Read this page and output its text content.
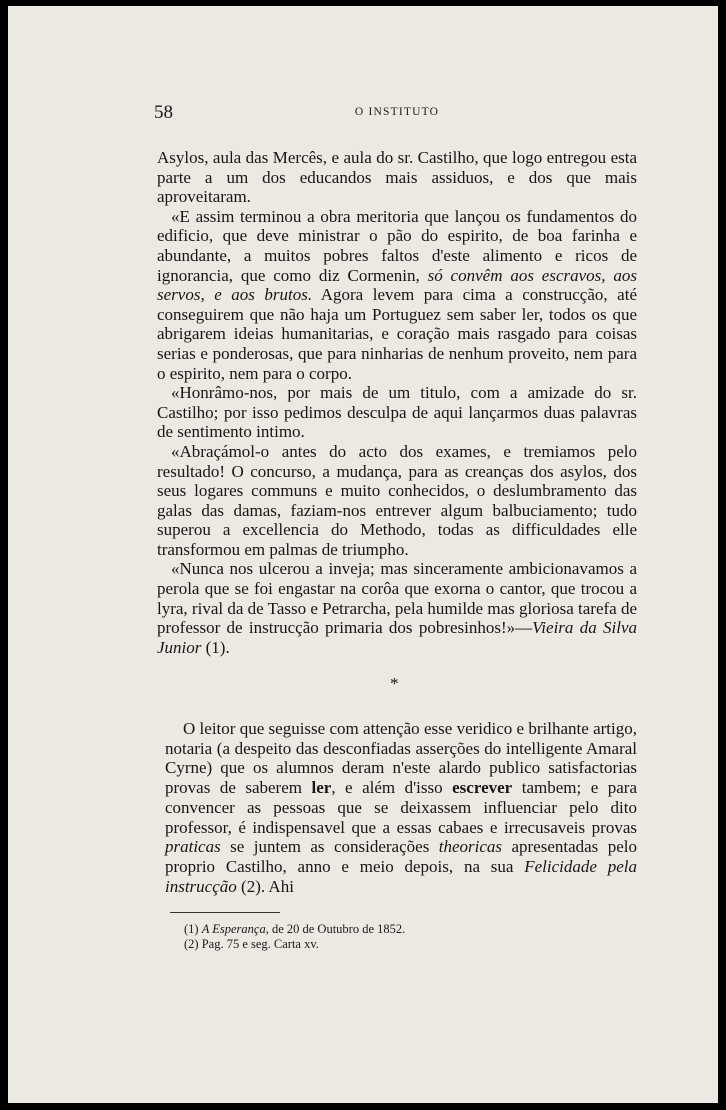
58	O INSTITUTO

Asylos, aula das Mercês, e aula do sr. Castilho, que logo entregou esta parte a um dos educandos mais assiduos, e dos que mais aproveitaram.

«E assim terminou a obra meritoria que lançou os fundamentos do edificio, que deve ministrar o pão do espirito, de boa farinha e abundante, a muitos pobres faltos d'este alimento e ricos de ignorancia, que como diz Cormenin, só convêm aos escravos, aos servos, e aos brutos. Agora levem para cima a construcção, até conseguirem que não haja um Portuguez sem saber ler, todos os que abrigarem ideias humanitarias, e coração mais rasgado para coisas serias e ponderosas, que para ninharias de nenhum proveito, nem para o espirito, nem para o corpo.

«Honrâmo-nos, por mais de um titulo, com a amizade do sr. Castilho; por isso pedimos desculpa de aqui lançarmos duas palavras de sentimento intimo.

«Abraçámol-o antes do acto dos exames, e tremiamos pelo resultado! O concurso, a mudança, para as creanças dos asylos, dos seus logares communs e muito conhecidos, o deslumbramento das galas das damas, faziam-nos entrever algum balbuciamento; tudo superou a excellencia do Methodo, todas as difficuldades elle transformou em palmas de triumpho.

«Nunca nos ulcerou a inveja; mas sinceramente ambicionavamos a perola que se foi engastar na corôa que exorna o cantor, que trocou a lyra, rival da de Tasso e Petrarcha, pela humilde mas gloriosa tarefa de professor de instrucção primaria dos pobresinhos!»—Vieira da Silva Junior (1).

*

O leitor que seguisse com attenção esse veridico e brilhante artigo, notaria (a despeito das desconfiadas asserções do intelligente Amaral Cyrne) que os alumnos deram n'este alardo publico satisfactorias provas de saberem ler, e além d'isso escrever tambem; e para convencer as pessoas que se deixassem influenciar pelo dito professor, é indispensavel que a essas cabaes e irrecusaveis provas praticas se juntem as considerações theoricas apresentadas pelo proprio Castilho, anno e meio depois, na sua Felicidade pela instrucção (2). Ahi

(1) A Esperança, de 20 de Outubro de 1852.
(2) Pag. 75 e seg. Carta xv.
